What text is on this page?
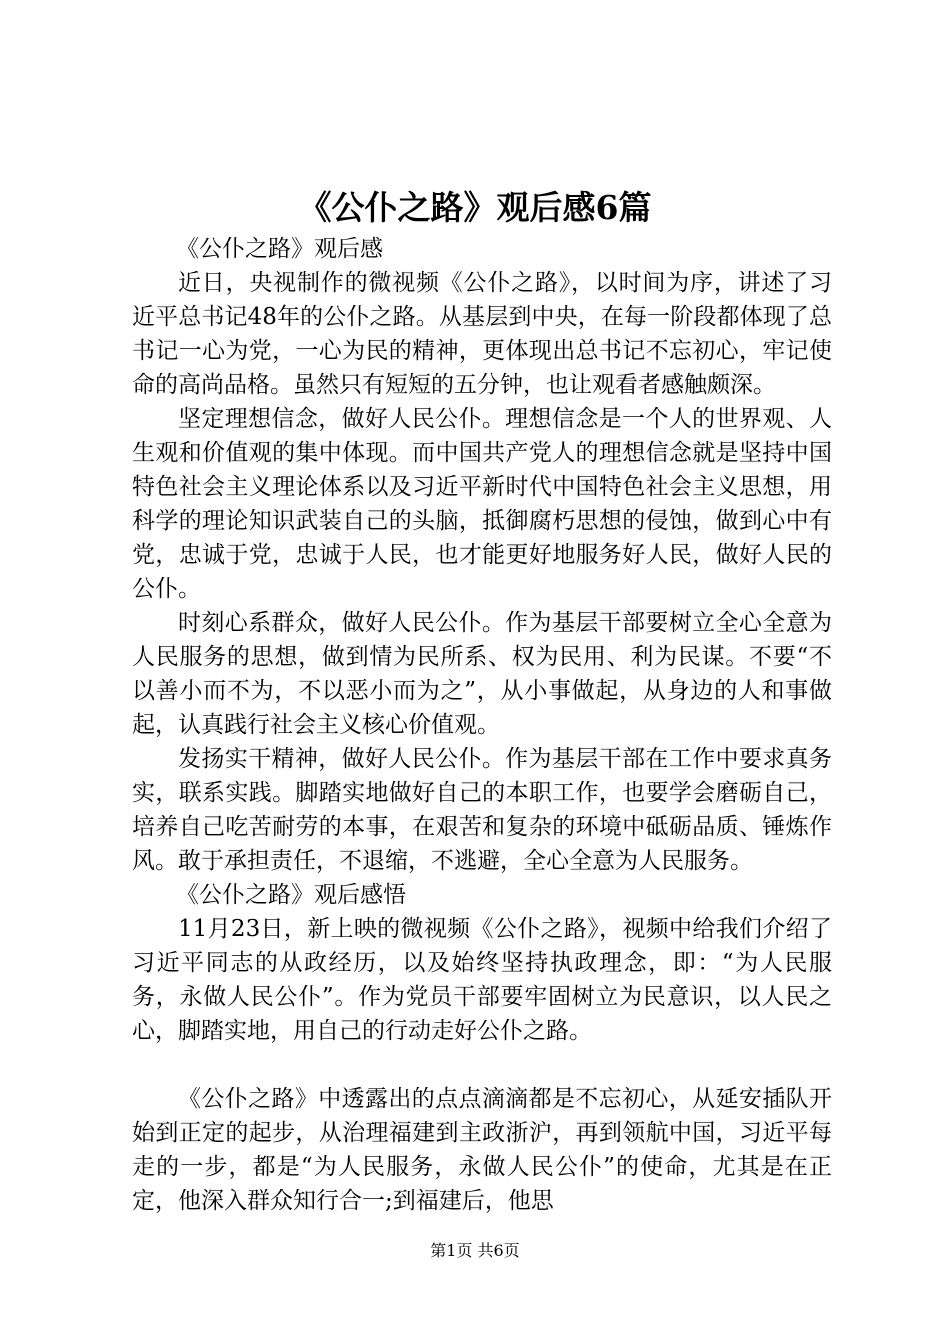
《公仆之路》观后感6篇

《公仆之路》观后感

近日，央视制作的微视频《公仆之路》，以时间为序，讲述了习近平总书记48年的公仆之路。从基层到中央，在每一阶段都体现了总书记一心为党，一心为民的精神，更体现出总书记不忘初心，牢记使命的高尚品格。虽然只有短短的五分钟，也让观看者感触颇深。

坚定理想信念，做好人民公仆。理想信念是一个人的世界观、人生观和价值观的集中体现。而中国共产党人的理想信念就是坚持中国特色社会主义理论体系以及习近平新时代中国特色社会主义思想，用科学的理论知识武装自己的头脑，抵御腐朽思想的侵蚀，做到心中有党，忠诚于党，忠诚于人民，也才能更好地服务好人民，做好人民的公仆。

时刻心系群众，做好人民公仆。作为基层干部要树立全心全意为人民服务的思想，做到情为民所系、权为民用、利为民谋。不要“不以善小而不为，不以恶小而为之”，从小事做起，从身边的人和事做起，认真践行社会主义核心价值观。

发扬实干精神，做好人民公仆。作为基层干部在工作中要求真务实，联系实践。脚踏实地做好自己的本职工作，也要学会磨砺自己，培养自己吃苦耐劳的本事，在艰苦和复杂的环境中砥砺品质、锤炼作风。敢于承担责任，不退缩，不逃避，全心全意为人民服务。

《公仆之路》观后感悟

11月23日，新上映的微视频《公仆之路》，视频中给我们介绍了习近平同志的从政经历，以及始终坚持执政理念，即：“为人民服务，永做人民公仆”。作为党员干部要牢固树立为民意识，以人民之心，脚踏实地，用自己的行动走好公仆之路。

《公仆之路》中透露出的点点滴滴都是不忘初心，从延安插队开始到正定的起步，从治理福建到主政浙沪，再到领航中国，习近平每走的一步，都是“为人民服务，永做人民公仆”的使命，尤其是在正定，他深入群众知行合一;到福建后，他思

第1页 共6页
